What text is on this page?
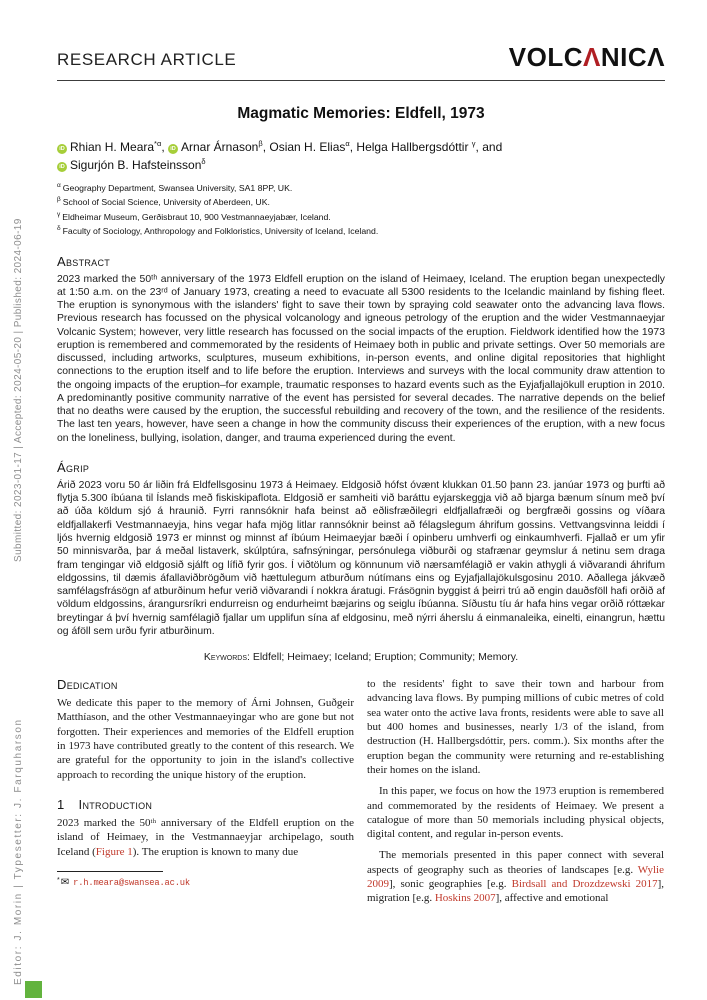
Submitted: 2023-01-17 | Accepted: 2024-05-20 | Published: 2024-06-19
Editor: J. Morin | Typesetter: J. Farquharson
RESEARCH ARTICLE	VOLCΛNICΛ
Magmatic Memories: Eldfell, 1973
iD Rhian H. Meara$^{*\alpha}$, iD Arnar Árnason$^\beta$, Osian H. Elias$^\alpha$, Helga Hallbergsdóttir $^\gamma$, and
iD Sigurjón B. Hafsteinsson$^\delta$
$^\alpha$ Geography Department, Swansea University, SA1 8PP, UK.
$^\beta$ School of Social Science, University of Aberdeen, UK.
$^\gamma$ Eldheimar Museum, Gerðisbraut 10, 900 Vestmannaeyjabær, Iceland.
$^\delta$ Faculty of Sociology, Anthropology and Folkloristics, University of Iceland, Iceland.
Abstract

2023 marked the 50ᵗʰ anniversary of the 1973 Eldfell eruption on the island of Heimaey, Iceland. The eruption began unexpectedly at 1:50 a.m. on the 23ʳᵈ of January 1973, creating a need to evacuate all 5300 residents to the Icelandic mainland by fishing fleet. The eruption is synonymous with the islanders' fight to save their town by spraying cold seawater onto the advancing lava flows. Previous research has focussed on the physical volcanology and igneous petrology of the eruption and the wider Vestmannaeyjar Volcanic System; however, very little research has focussed on the social impacts of the eruption. Fieldwork identified how the 1973 eruption is remembered and commemorated by the residents of Heimaey both in public and private settings. Over 50 memorials are discussed, including artworks, sculptures, museum exhibitions, in-person events, and online digital repositories that highlight connections to the eruption itself and to life before the eruption. Interviews and surveys with the local community draw attention to the ongoing impacts of the eruption–for example, traumatic responses to hazard events such as the Eyjafjallajökull eruption in 2010. A predominantly positive community narrative of the event has persisted for several decades. The narrative depends on the belief that no deaths were caused by the eruption, the successful rebuilding and recovery of the town, and the resilience of the residents. The last ten years, however, have seen a change in how the community discuss their experiences of the eruption, with a new focus on the loneliness, bullying, isolation, danger, and trauma experienced during the event.

Ágrip

Árið 2023 voru 50 ár liðin frá Eldfellsgosinu 1973 á Heimaey. Eldgosið hófst óvænt klukkan 01.50 þann 23. janúar 1973 og þurfti að flytja 5.300 íbúana til Íslands með fiskiskipaflota. Eldgosið er samheiti við baráttu eyjarskeggja við að bjarga bænum sínum með því að úða köldum sjó á hraunið. Fyrri rannsóknir hafa beinst að eðlisfræðilegri eldfjallafræði og bergfræði gossins og víðara eldfjallakerfi Vestmannaeyja, hins vegar hafa mjög litlar rannsóknir beinst að félagslegum áhrifum gossins. Vettvangsvinna leiddi í ljós hvernig eldgosið 1973 er minnst og minnst af íbúum Heimaeyjar bæði í opinberu umhverfi og einkaumhverfi. Fjallað er um yfir 50 minnisvarða, þar á meðal listaverk, skúlptúra, safnsýningar, persónulega viðburði og stafrænar geymslur á netinu sem draga fram tengingar við eldgosið sjálft og lífið fyrir gos. Í viðtölum og könnunum við nærsamfélagið er vakin athygli á viðvarandi áhrifum eldgossins, til dæmis áfallaviðbrögðum við hættulegum atburðum nútímans eins og Eyjafjallajökulsgosinu 2010. Aðallega jákvæð samfélagsfrásögn af atburðinum hefur verið viðvarandi í nokkra áratugi. Frásögnin byggist á þeirri trú að engin dauðsföll hafi orðið af völdum eldgossins, árangursríkri endurreisn og endurheimt bæjarins og seiglu íbúanna. Síðustu tíu ár hafa hins vegar orðið róttækar breytingar á því hvernig samfélagið fjallar um upplifun sína af eldgosinu, með nýrri áherslu á einmanaleika, einelti, einangrun, hættu og áföll sem urðu fyrir atburðinum.

Keywords: Eldfell; Heimaey; Iceland; Eruption; Community; Memory.
Dedication

We dedicate this paper to the memory of Árni Johnsen, Guðgeir Matthíason, and the other Vestmannaeyingar who are gone but not forgotten. Their experiences and memories of the Eldfell eruption in 1973 have contributed greatly to the content of this research. We are grateful for the opportunity to join in the island's collective approach to recording the unique history of the eruption.

1 Introduction

2023 marked the 50ᵗʰ anniversary of the Eldfell eruption on the island of Heimaey, in the Vestmannaeyjar archipelago, south Iceland (Figure 1). The eruption is known to many due

*✉ r.h.meara@swansea.ac.uk

to the residents' fight to save their town and harbour from advancing lava flows. By pumping millions of cubic metres of cold sea water onto the active lava fronts, residents were able to save all but 400 homes and businesses, nearly 1/3 of the island, from destruction (H. Hallbergsdóttir, pers. comm.). Six months after the eruption began the community were returning and re-establishing their homes on the island.

In this paper, we focus on how the 1973 eruption is remembered and commemorated by the residents of Heimaey. We present a catalogue of more than 50 memorials including physical objects, digital content, and regular in-person events.

The memorials presented in this paper connect with several aspects of geography such as theories of landscapes [e.g. Wylie 2009], sonic geographies [e.g. Birdsall and Drozdzewski 2017], migration [e.g. Hoskins 2007], affective and emotional
